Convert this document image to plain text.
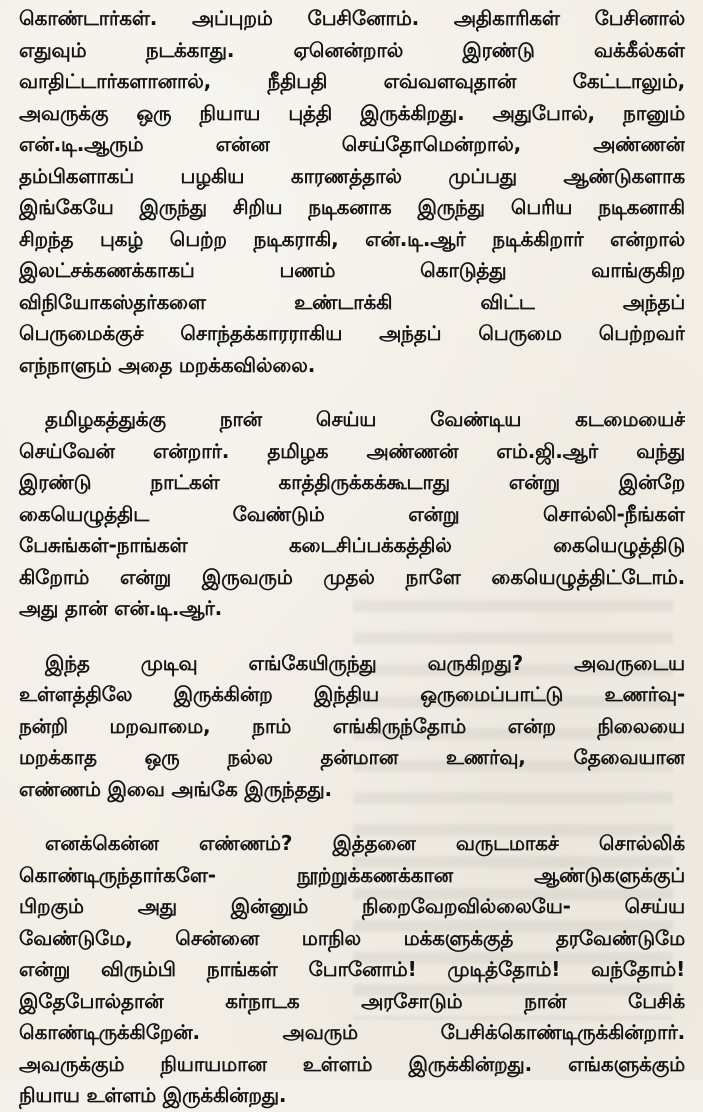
கொண்டார்கள். அப்புறம் பேசினோம். அதிகாரிகள் பேசினால்
எதுவும் நடக்காது. ஏனென்றால் இரண்டு வக்கீல்கள்
வாதிட்டார்களானால், நீதிபதி எவ்வளவுதான் கேட்டாலும்,
அவருக்கு ஒரு நியாய புத்தி இருக்கிறது. அதுபோல், நானும்
என்.டி.ஆரும் என்ன செய்தோமென்றால், அண்ணன்
தம்பிகளாகப் பழகிய காரணத்தால் முப்பது ஆண்டுகளாக
இங்கேயே இருந்து சிறிய நடிகனாக இருந்து பெரிய நடிகனாகி
சிறந்த புகழ் பெற்ற நடிகராகி, என்.டி.ஆர் நடிக்கிறார் என்றால்
இலட்சக்கணக்காகப் பணம் கொடுத்து வாங்குகிற
விநியோகஸ்தர்களை உண்டாக்கி விட்ட அந்தப்
பெருமைக்குச் சொந்தக்காரராகிய அந்தப் பெருமை பெற்றவர்
எந்நாளும் அதை மறக்கவில்லை.
தமிழகத்துக்கு நான் செய்ய வேண்டிய கடமையைச்
செய்வேன் என்றார். தமிழக அண்ணன் எம்.ஜி.ஆர் வந்து
இரண்டு நாட்கள் காத்திருக்கக்கூடாது என்று இன்றே
கையெழுத்திட வேண்டும் என்று சொல்லி-நீங்கள்
பேசுங்கள்-நாங்கள் கடைசிப்பக்கத்தில் கையெழுத்திடு
கிறோம் என்று இருவரும் முதல் நாளே கையெழுத்திட்டோம்.
அது தான் என்.டி.ஆர்.
இந்த முடிவு எங்கேயிருந்து வருகிறது? அவருடைய
உள்ளத்திலே இருக்கின்ற இந்திய ஒருமைப்பாட்டு உணர்வு-
நன்றி மறவாமை, நாம் எங்கிருந்தோம் என்ற நிலையை
மறக்காத ஒரு நல்ல தன்மான உணர்வு, தேவையான
எண்ணம் இவை அங்கே இருந்தது.
எனக்கென்ன எண்ணம்? இத்தனை வருடமாகச் சொல்லிக்
கொண்டிருந்தார்களே- நூற்றுக்கணக்கான ஆண்டுகளுக்குப்
பிறகும் அது இன்னும் நிறைவேறவில்லையே- செய்ய
வேண்டுமே, சென்னை மாநில மக்களுக்குத் தரவேண்டுமே
என்று விரும்பி நாங்கள் போனோம்! முடித்தோம்! வந்தோம்!
இதேபோல்தான் கர்நாடக அரசோடும் நான் பேசிக்
கொண்டிருக்கிறேன். அவரும் பேசிக்கொண்டிருக்கின்றார்.
அவருக்கும் நியாயமான உள்ளம் இருக்கின்றது. எங்களுக்கும்
நியாய உள்ளம் இருக்கின்றது.
